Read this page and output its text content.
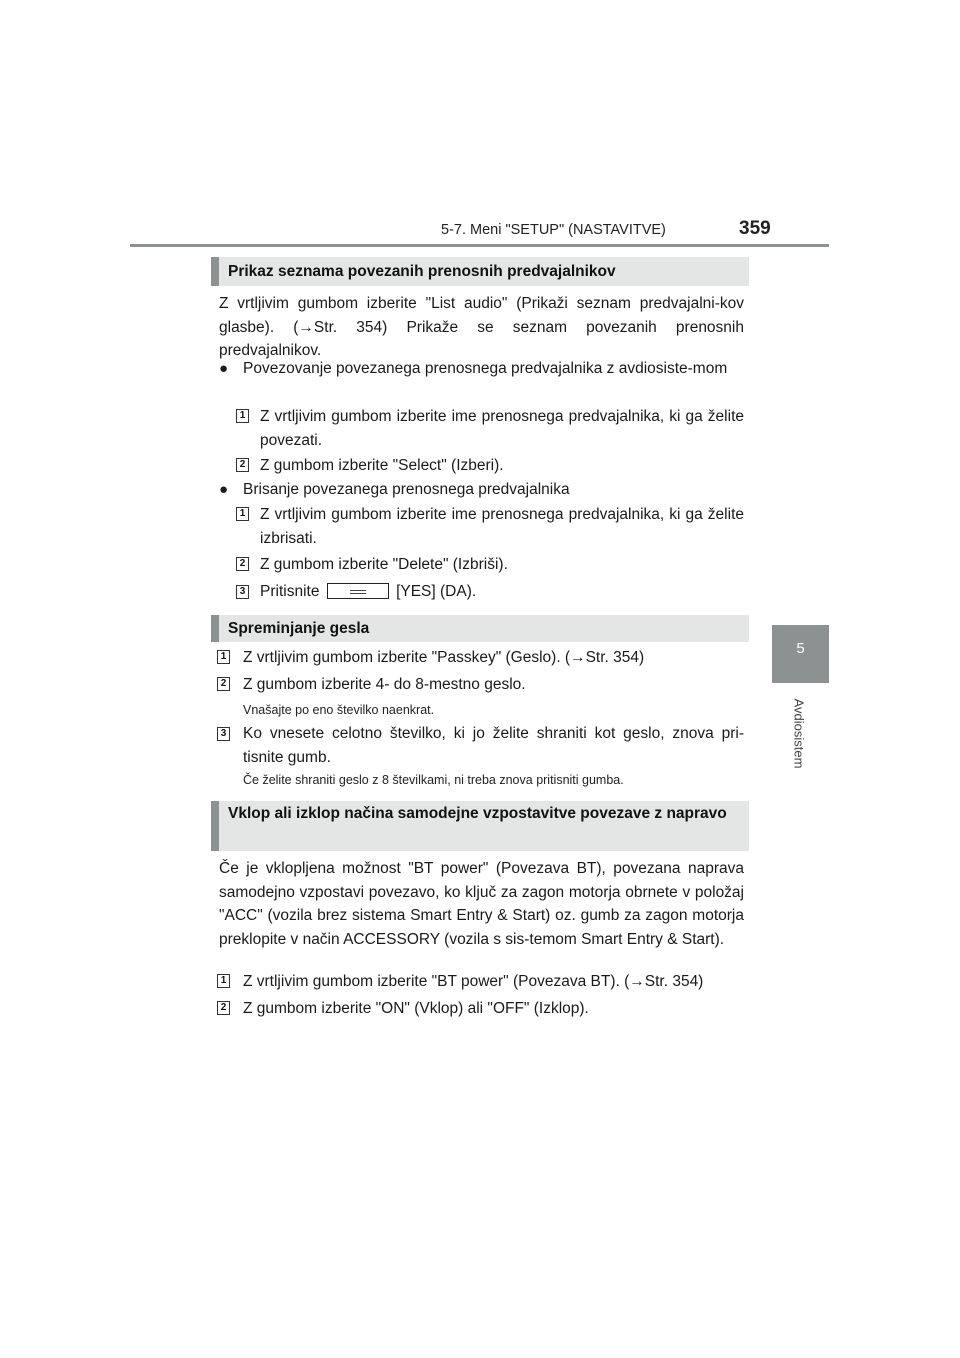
5-7. Meni "SETUP" (NASTAVITVE)	359
5
Avdiosistem
Prikaz seznama povezanih prenosnih predvajalnikov
Z vrtljivim gumbom izberite "List audio" (Prikaži seznam predvajalni-kov glasbe). (→Str. 354) Prikaže se seznam povezanih prenosnih predvajalnikov.
● Povezovanje povezanega prenosnega predvajalnika z avdiosiste-mom
1 Z vrtljivim gumbom izberite ime prenosnega predvajalnika, ki ga želite povezati.
2 Z gumbom izberite "Select" (Izberi).
● Brisanje povezanega prenosnega predvajalnika
1 Z vrtljivim gumbom izberite ime prenosnega predvajalnika, ki ga želite izbrisati.
2 Z gumbom izberite "Delete" (Izbriši).
3 Pritisnite	[YES] (DA).
Spreminjanje gesla
1 Z vrtljivim gumbom izberite "Passkey" (Geslo). (→Str. 354)
2 Z gumbom izberite 4- do 8-mestno geslo.
Vnašajte po eno številko naenkrat.
3 Ko vnesete celotno številko, ki jo želite shraniti kot geslo, znova pri-tisnite gumb.
Če želite shraniti geslo z 8 številkami, ni treba znova pritisniti gumba.
Vklop ali izklop načina samodejne vzpostavitve povezave z napravo
Če je vklopljena možnost "BT power" (Povezava BT), povezana naprava samodejno vzpostavi povezavo, ko ključ za zagon motorja obrnete v položaj "ACC" (vozila brez sistema Smart Entry & Start) oz. gumb za zagon motorja preklopite v način ACCESSORY (vozila s sis-temom Smart Entry & Start).
1 Z vrtljivim gumbom izberite "BT power" (Povezava BT). (→Str. 354)
2 Z gumbom izberite "ON" (Vklop) ali "OFF" (Izklop).
